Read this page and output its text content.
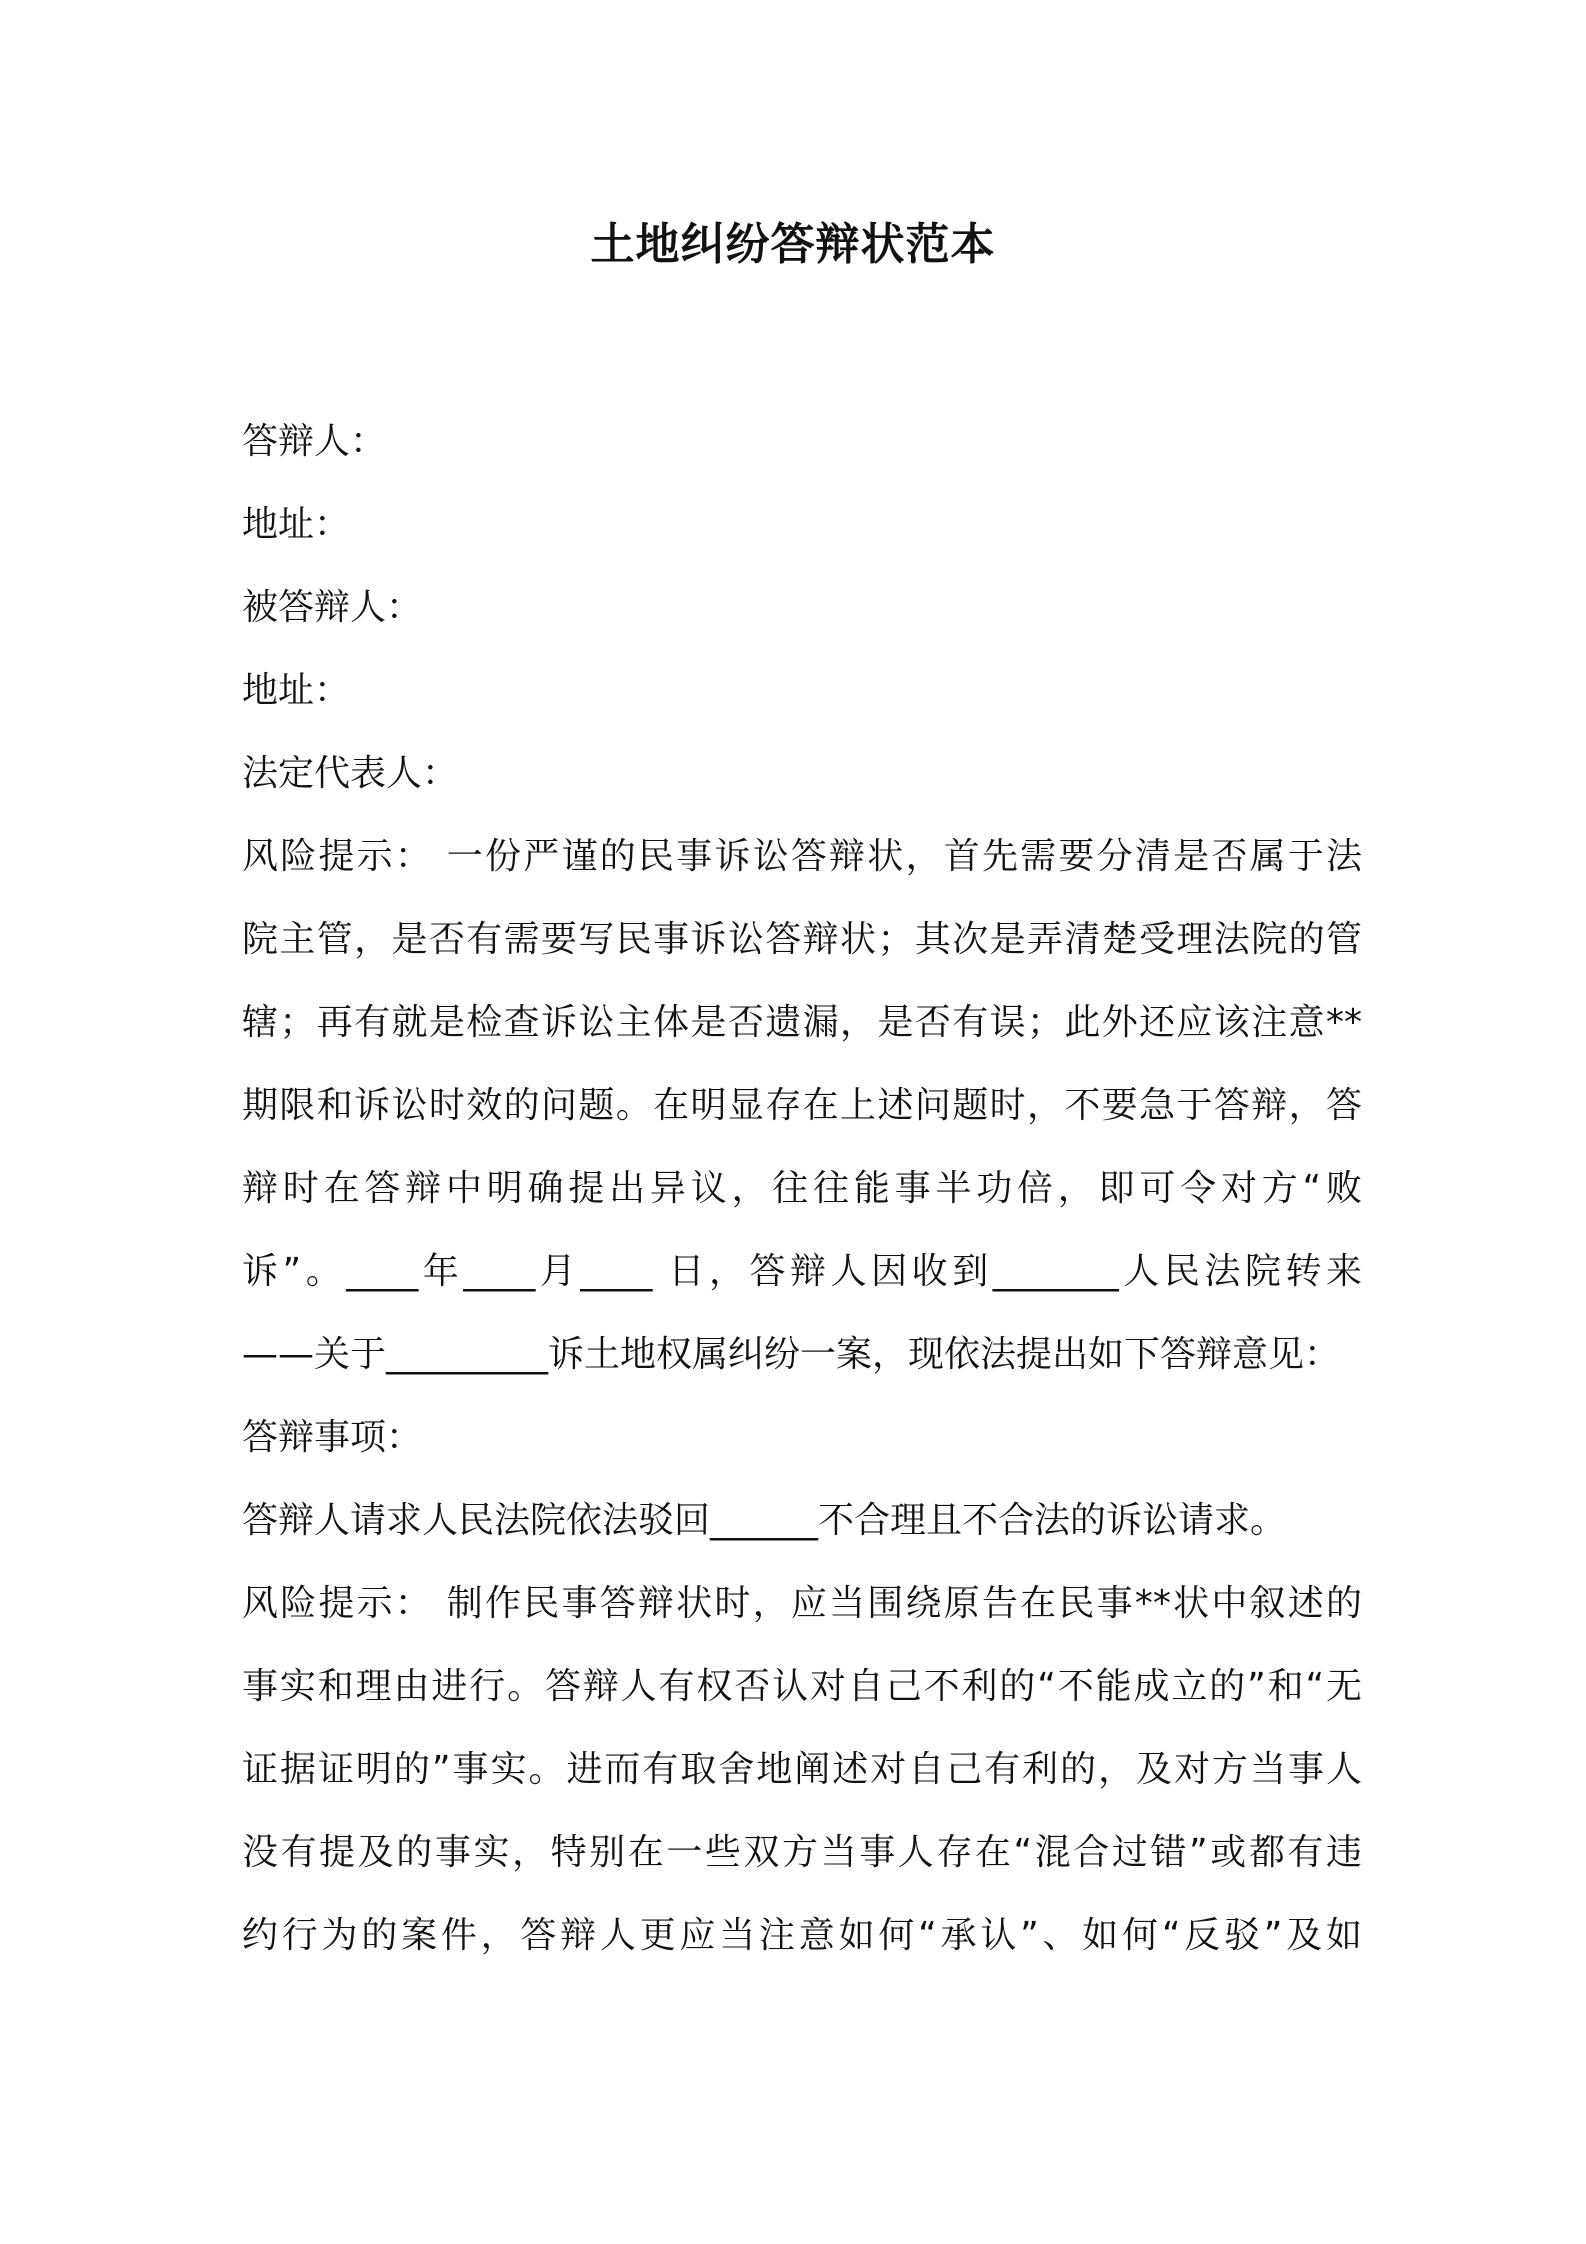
土地纠纷答辩状范本
答辩人：
地址：
被答辩人：
地址：
法定代表人：
风险提示： 一份严谨的民事诉讼答辩状，首先需要分清是否属于法
院主管，是否有需要写民事诉讼答辩状；其次是弄清楚受理法院的管
辖；再有就是检查诉讼主体是否遗漏，是否有误；此外还应该注意**
期限和诉讼时效的问题。在明显存在上述问题时，不要急于答辩，答
辩时在答辩中明确提出异议，往往能事半功倍，即可令对方“败
诉”。____年____月____ 日，答辩人因收到_______人民法院转来
——关于_________诉土地权属纠纷一案，现依法提出如下答辩意见：
答辩事项：
答辩人请求人民法院依法驳回______不合理且不合法的诉讼请求。
风险提示： 制作民事答辩状时，应当围绕原告在民事**状中叙述的
事实和理由进行。答辩人有权否认对自己不利的“不能成立的”和“无
证据证明的”事实。进而有取舍地阐述对自己有利的，及对方当事人
没有提及的事实，特别在一些双方当事人存在“混合过错”或都有违
约行为的案件，答辩人更应当注意如何“承认”、如何“反驳”及如
